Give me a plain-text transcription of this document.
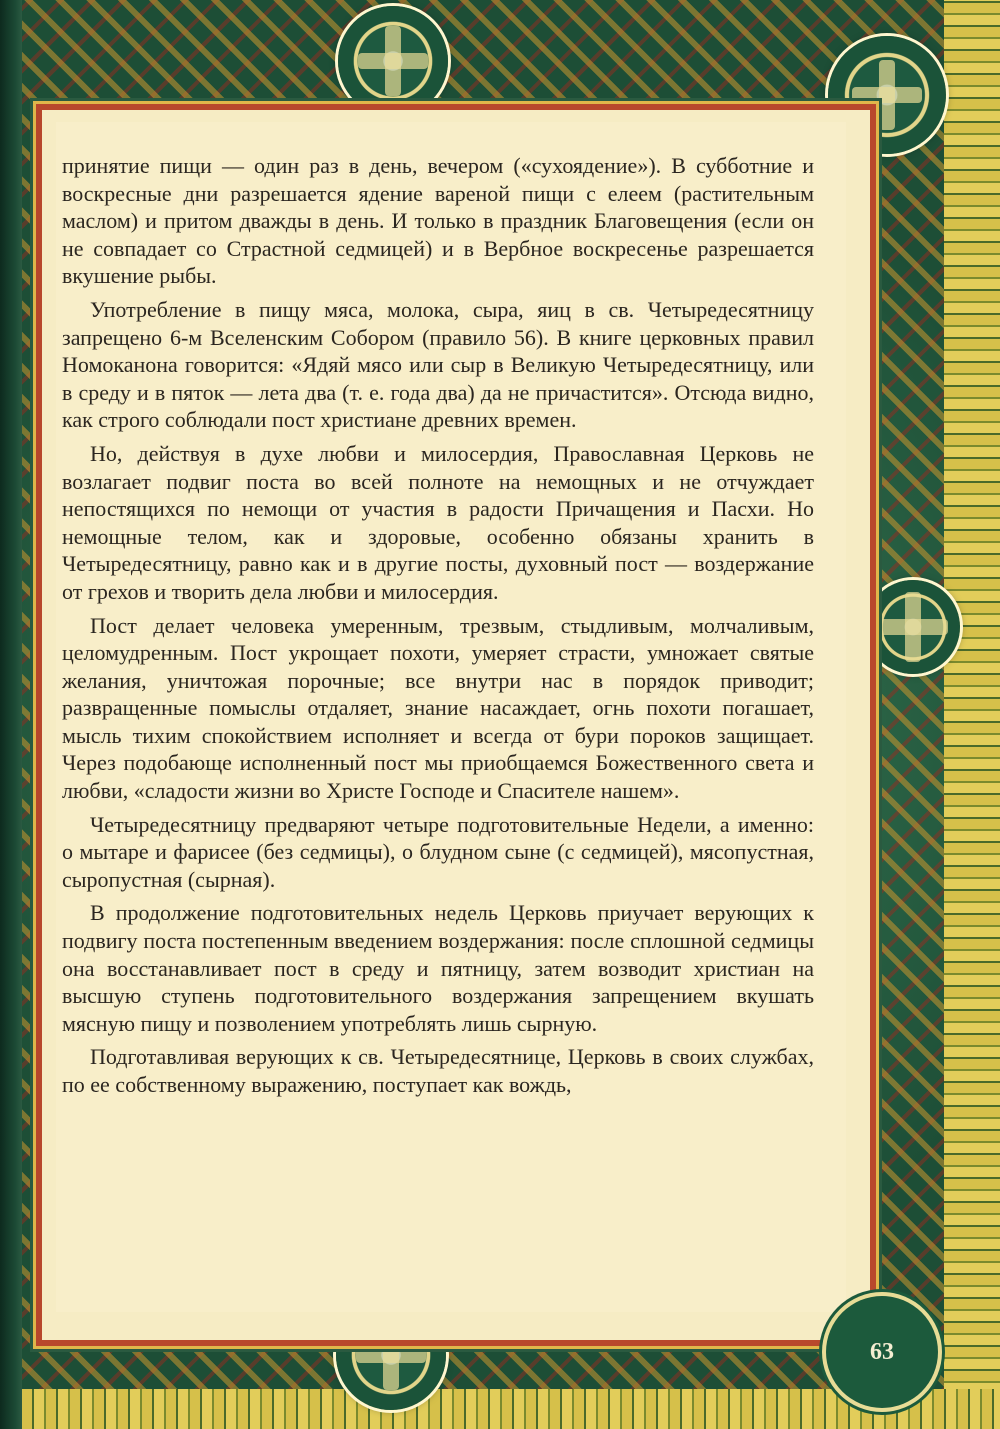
принятие пищи — один раз в день, вечером («сухоядение»). В субботние и воскресные дни разрешается ядение вареной пищи с елеем (растительным маслом) и притом дважды в день. И только в праздник Благовещения (если он не совпадает со Страстной седмицей) и в Вербное воскресенье разрешается вкушение рыбы.

Употребление в пищу мяса, молока, сыра, яиц в св. Четыредесятницу запрещено 6-м Вселенским Собором (правило 56). В книге церковных правил Номоканона говорится: «Ядяй мясо или сыр в Великую Четыредесятницу, или в среду и в пяток — лета два (т. е. года два) да не причастится». Отсюда видно, как строго соблюдали пост христиане древних времен.

Но, действуя в духе любви и милосердия, Православная Церковь не возлагает подвиг поста во всей полноте на немощных и не отчуждает непостящихся по немощи от участия в радости Причащения и Пасхи. Но немощные телом, как и здоровые, особенно обязаны хранить в Четыредесятницу, равно как и в другие посты, духовный пост — воздержание от грехов и творить дела любви и милосердия.

Пост делает человека умеренным, трезвым, стыдливым, молчаливым, целомудренным. Пост укрощает похоти, умеряет страсти, умножает святые желания, уничтожая порочные; все внутри нас в порядок приводит; развращенные помыслы отдаляет, знание насаждает, огнь похоти погашает, мысль тихим спокойствием исполняет и всегда от бури пороков защищает. Через подобающе исполненный пост мы приобщаемся Божественного света и любви, «сладости жизни во Христе Господе и Спасителе нашем».

Четыредесятницу предваряют четыре подготовительные Недели, а именно: о мытаре и фарисее (без седмицы), о блудном сыне (с седмицей), мясопустная, сыропустная (сырная).

В продолжение подготовительных недель Церковь приучает верующих к подвигу поста постепенным введением воздержания: после сплошной седмицы она восстанавливает пост в среду и пятницу, затем возводит христиан на высшую ступень подготовительного воздержания запрещением вкушать мясную пищу и позволением употреблять лишь сырную.

Подготавливая верующих к св. Четыредесятнице, Церковь в своих службах, по ее собственному выражению, поступает как вождь,

63
